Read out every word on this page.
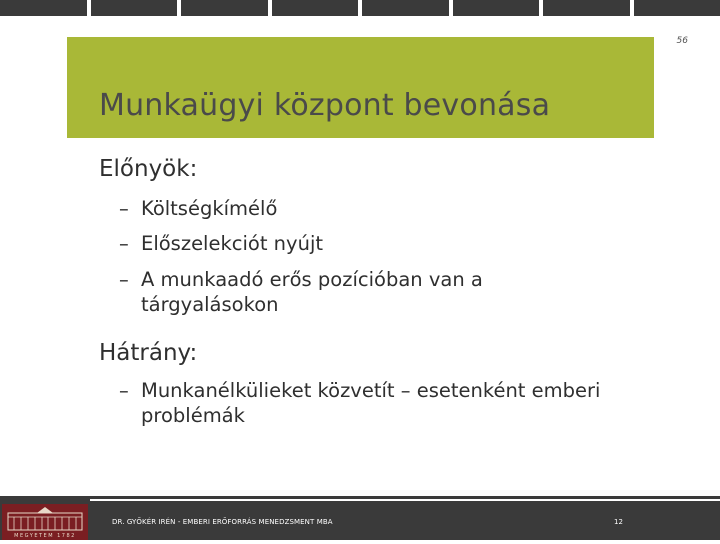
56
Munkaügyi központ bevonása
Előnyök:
– Költségkímélő
– Előszelekciót nyújt
– A munkaadó erős pozícióban van a
tárgyalásokon
Hátrány:
– Munkanélkülieket közvetít – esetenként emberi
problémák
MEGYETEM 1782
DR. GYŐKÉR IRÉN - EMBERI ERŐFORRÁS MENEDZSMENT MBA	12
